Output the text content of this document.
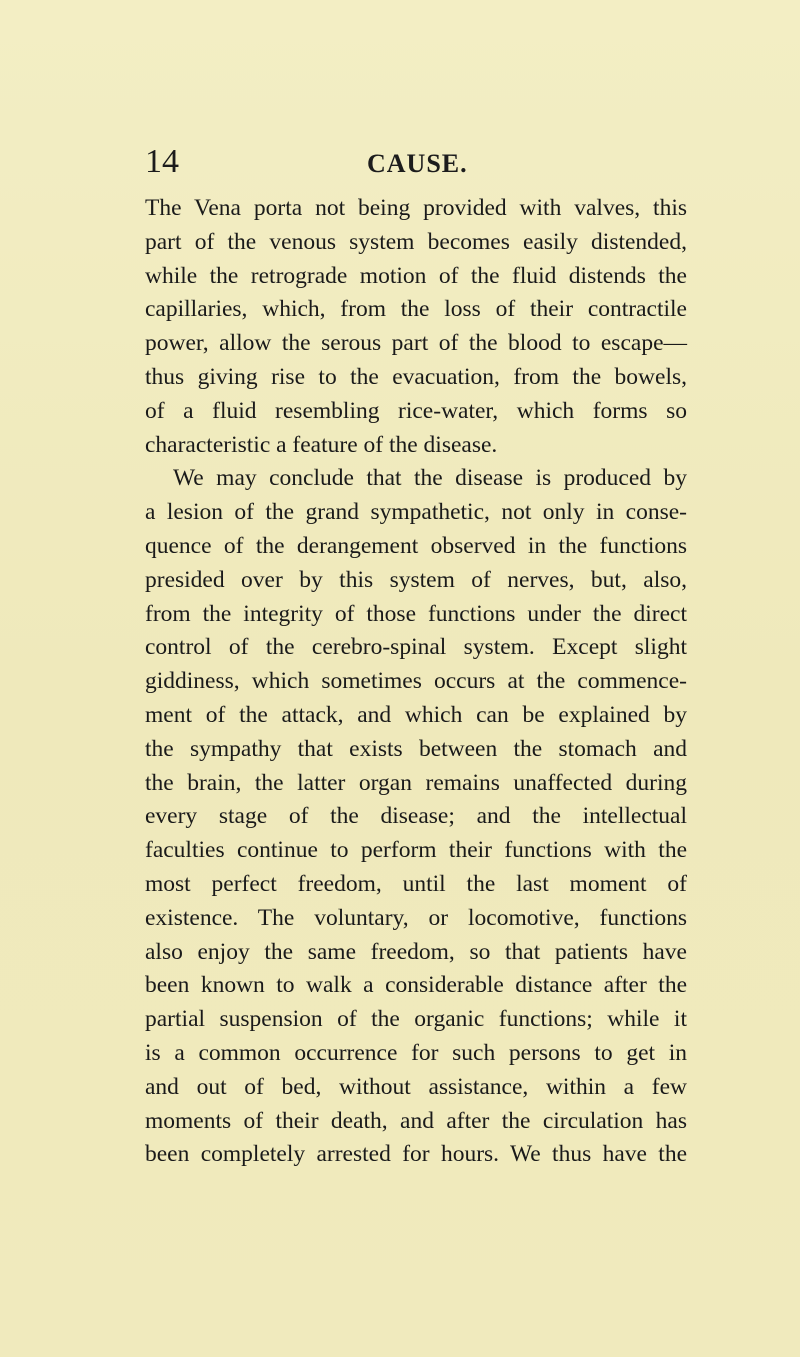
14	CAUSE.
The Vena porta not being provided with valves, this
part of the venous system becomes easily distended,
while the retrograde motion of the fluid distends the
capillaries, which, from the loss of their contractile
power, allow the serous part of the blood to escape—
thus giving rise to the evacuation, from the bowels,
of a fluid resembling rice-water, which forms so
characteristic a feature of the disease.
We may conclude that the disease is produced by
a lesion of the grand sympathetic, not only in conse-
quence of the derangement observed in the functions
presided over by this system of nerves, but, also,
from the integrity of those functions under the direct
control of the cerebro-spinal system. Except slight
giddiness, which sometimes occurs at the commence-
ment of the attack, and which can be explained by
the sympathy that exists between the stomach and
the brain, the latter organ remains unaffected during
every stage of the disease; and the intellectual
faculties continue to perform their functions with the
most perfect freedom, until the last moment of
existence. The voluntary, or locomotive, functions
also enjoy the same freedom, so that patients have
been known to walk a considerable distance after the
partial suspension of the organic functions; while it
is a common occurrence for such persons to get in
and out of bed, without assistance, within a few
moments of their death, and after the circulation has
been completely arrested for hours. We thus have the
